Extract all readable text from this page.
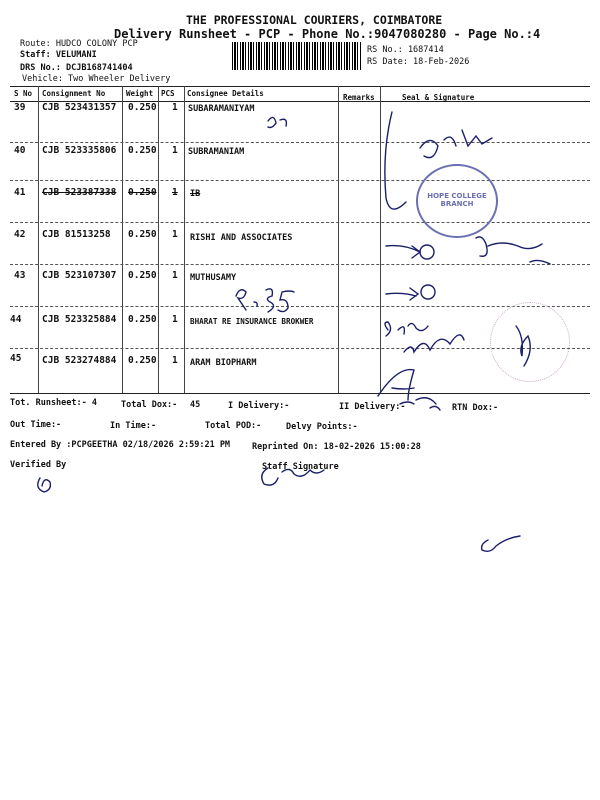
THE PROFESSIONAL COURIERS, COIMBATORE
Delivery Runsheet - PCP - Phone No.:9047080280 - Page No.:4
Route: HUDCO COLONY PCP
Staff: VELUMANI
DRS No.: DCJB168741404
Vehicle: Two Wheeler Delivery
RS No.: 1687414
RS Date: 18-Feb-2026
S No Consignment No	Weight PCS Consignee Details	Remarks	Seal & Signature
39 CJB 523431357 0.250 1 SUBARAMANIYAM
40 CJB 523335806 0.250 1 SUBRAMANIAM
41 CJB 523387338 0.250 1 IB
42 CJB 81513258 0.250 1 RISHI AND ASSOCIATES
43 CJB 523107307 0.250 1 MUTHUSAMY
44 CJB 523325884 0.250 1 BHARAT RE INSURANCE BROKWER
45 CJB 523274884 0.250 1 ARAM BIOPHARM
Tot. Runsheet:- 4	Total Dox:- 45	I Delivery:-	II Delivery:-	RTN Dox:-
Out Time:-	In Time:-	Total POD:-	Delvy Points:-
Entered By :PCPGEETHA 02/18/2026 2:59:21 PM	Reprinted On: 18-02-2026 15:00:28
Verified By	Staff Signature
HOPE COLLEGE BRANCH
